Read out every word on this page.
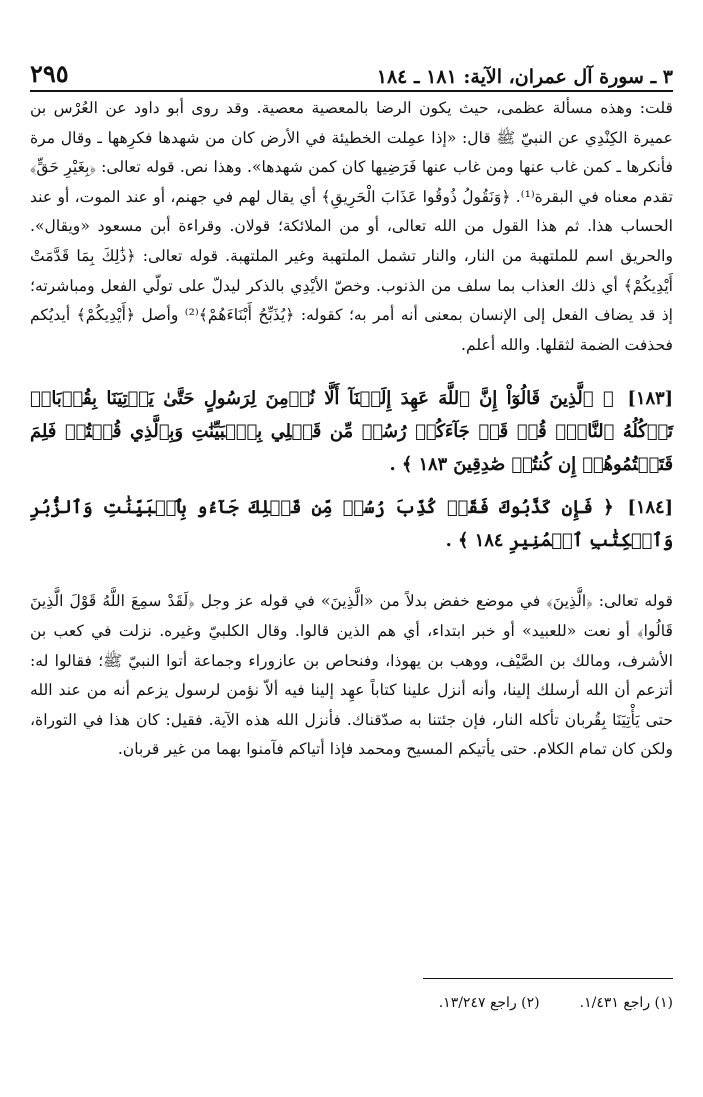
٣ ـ سورة آل عمران، الآية: ١٨١ ـ ١٨٤
٢٩٥

قلت: وهذه مسألة عظمى، حيث يكون الرضا بالمعصية معصية. وقد روى أبو داود عن العُرْس بن عميرة الكِنْدِي عن النبيّ ﷺ قال: «إذا عمِلت الخطيئة في الأرض كان من شهدها فكرِهها ـ وقال مرة فأنكرها ـ كمن غاب عنها ومن غاب عنها فَرَضِيها كان كمن شهدها». وهذا نص. قوله تعالى: ﴿بِغَيْرِ حَقٍّ﴾ تقدم معناه في البقرة⁽¹⁾. ﴿وَنَقُولُ ذُوقُوا عَذَابَ الْحَرِيقِ﴾ أي يقال لهم في جهنم، أو عند الموت، أو عند الحساب هذا. ثم هذا القول من الله تعالى، أو من الملائكة؛ قولان. وقراءة أبن مسعود «ويقال». والحريق اسم للملتهبة من النار، والنار تشمل الملتهبة وغير الملتهبة. قوله تعالى: ﴿ذَٰلِكَ بِمَا قَدَّمَتْ أَيْدِيكُمْ﴾ أي ذلك العذاب بما سلف من الذنوب. وخصّ الأيْدِي بالذكر ليدلّ على تولّي الفعل ومباشرته؛ إذ قد يضاف الفعل إلى الإنسان بمعنى أنه أمر به؛ كقوله: ﴿يُذَبِّحُ أَبْنَاءَهُمْ﴾⁽²⁾ وأصل ﴿أَيْدِيكُمْ﴾ أيديُكم فحذفت الضمة لثقلها. والله أعلم.

[١٨٣]﴿ ٱلَّذِينَ قَالُوٓاْ إِنَّ ٱللَّهَ عَهِدَ إِلَيۡنَآ أَلَّا نُؤۡمِنَ لِرَسُولٍ حَتَّىٰ يَأۡتِيَنَا بِقُرۡبَانٖ تَأۡكُلُهُ ٱلنَّارُۗ قُلۡ قَدۡ جَآءَكُمۡ رُسُلٞ مِّن قَبۡلِي بِٱلۡبَيِّنَٰتِ وَبِٱلَّذِي قُلۡتُمۡ فَلِمَ قَتَلۡتُمُوهُمۡ إِن كُنتُمۡ صَٰدِقِينَ ١٨٣ ﴾ .

[١٨٤]﴿ فَإِن كَذَّبُوكَ فَقَدۡ كُذِّبَ رُسُلٞ مِّن قَبۡلِكَ جَآءُو بِٱلۡبَيِّنَٰتِ وَٱلزُّبُرِ وَٱلۡكِتَٰبِ ٱلۡمُنِيرِ ١٨٤ ﴾ .

قوله تعالى: ﴿الَّذِينَ﴾ في موضع خفض بدلاً من «الَّذِينَ» في قوله عز وجل ﴿لَقَدْ سمِعَ اللَّهُ قَوْلَ الَّذِينَ قَالُوا﴾ أو نعت «للعبيد» أو خبر ابتداء، أي هم الذين قالوا. وقال الكلبيّ وغيره. نزلت في كعب بن الأشرف، ومالك بن الصَّيْف، ووهب بن يهوذا، وفنحاص بن عازوراء وجماعة أتوا النبيّ ﷺ؛ فقالوا له: أتزعم أن الله أرسلك إلينا، وأنه أنزل علينا كتاباً عهِد إلينا فيه ألاّ نؤمن لرسول يزعم أنه من عند الله حتى يَأْتِيَنَا بِقُربان تأكله النار، فإن جئتنا به صدّقناك. فأنزل الله هذه الآية. فقيل: كان هذا في التوراة، ولكن كان تمام الكلام. حتى يأتيكم المسيح ومحمد فإذا أتياكم فآمنوا بهما من غير قربان.

(١) راجع ١/٤٣١.
(٢) راجع ١٣/٢٤٧.
